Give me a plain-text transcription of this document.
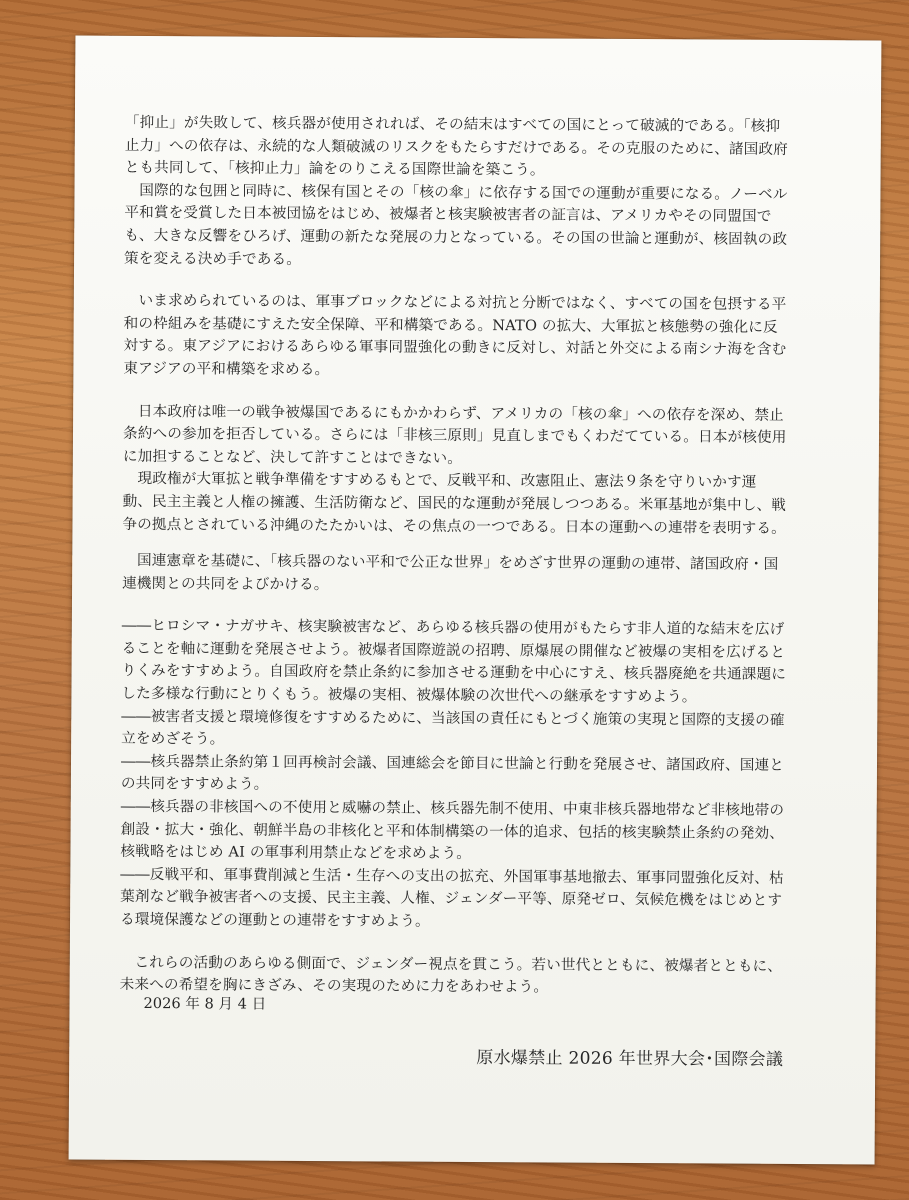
「抑止」が失敗して、核兵器が使用されれば、その結末はすべての国にとって破滅的である。「核抑
止力」への依存は、永続的な人類破滅のリスクをもたらすだけである。その克服のために、諸国政府
とも共同して、「核抑止力」論をのりこえる国際世論を築こう。

　国際的な包囲と同時に、核保有国とその「核の傘」に依存する国での運動が重要になる。ノーベル
平和賞を受賞した日本被団協をはじめ、被爆者と核実験被害者の証言は、アメリカやその同盟国で
も、大きな反響をひろげ、運動の新たな発展の力となっている。その国の世論と運動が、核固執の政
策を変える決め手である。

　いま求められているのは、軍事ブロックなどによる対抗と分断ではなく、すべての国を包摂する平
和の枠組みを基礎にすえた安全保障、平和構築である。NATO の拡大、大軍拡と核態勢の強化に反
対する。東アジアにおけるあらゆる軍事同盟強化の動きに反対し、対話と外交による南シナ海を含む
東アジアの平和構築を求める。

　日本政府は唯一の戦争被爆国であるにもかかわらず、アメリカの「核の傘」への依存を深め、禁止
条約への参加を拒否している。さらには「非核三原則」見直しまでもくわだてている。日本が核使用
に加担することなど、決して許すことはできない。

　現政権が大軍拡と戦争準備をすすめるもとで、反戦平和、改憲阻止、憲法９条を守りいかす運
動、民主主義と人権の擁護、生活防衛など、国民的な運動が発展しつつある。米軍基地が集中し、戦
争の拠点とされている沖縄のたたかいは、その焦点の一つである。日本の運動への連帯を表明する。

　国連憲章を基礎に、「核兵器のない平和で公正な世界」をめざす世界の運動の連帯、諸国政府・国
連機関との共同をよびかける。

――ヒロシマ・ナガサキ、核実験被害など、あらゆる核兵器の使用がもたらす非人道的な結末を広げ
ることを軸に運動を発展させよう。被爆者国際遊説の招聘、原爆展の開催など被爆の実相を広げると
りくみをすすめよう。自国政府を禁止条約に参加させる運動を中心にすえ、核兵器廃絶を共通課題に
した多様な行動にとりくもう。被爆の実相、被爆体験の次世代への継承をすすめよう。
――被害者支援と環境修復をすすめるために、当該国の責任にもとづく施策の実現と国際的支援の確
立をめざそう。
――核兵器禁止条約第１回再検討会議、国連総会を節目に世論と行動を発展させ、諸国政府、国連と
の共同をすすめよう。
――核兵器の非核国への不使用と威嚇の禁止、核兵器先制不使用、中東非核兵器地帯など非核地帯の
創設・拡大・強化、朝鮮半島の非核化と平和体制構築の一体的追求、包括的核実験禁止条約の発効、
核戦略をはじめ AI の軍事利用禁止などを求めよう。
――反戦平和、軍事費削減と生活・生存への支出の拡充、外国軍事基地撤去、軍事同盟強化反対、枯
葉剤など戦争被害者への支援、民主主義、人権、ジェンダー平等、原発ゼロ、気候危機をはじめとす
る環境保護などの運動との連帯をすすめよう。

　これらの活動のあらゆる側面で、ジェンダー視点を貫こう。若い世代とともに、被爆者とともに、
未来への希望を胸にきざみ、その実現のために力をあわせよう。

2026 年 8 月 4 日
原水爆禁止 2026 年世界大会･国際会議
